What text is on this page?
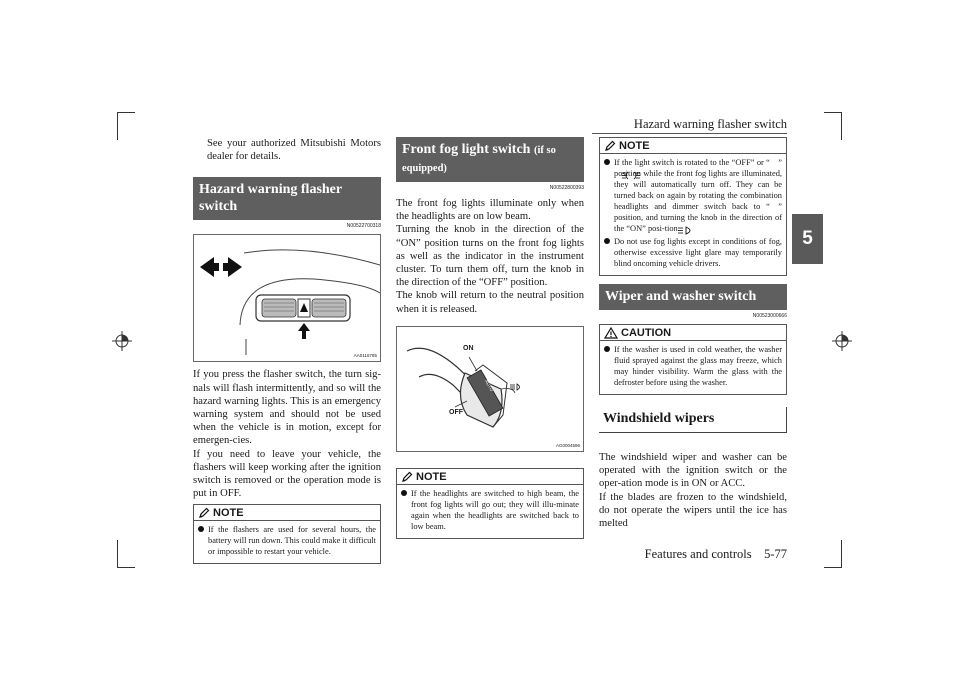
Hazard warning flasher switch
5
Features and controls    5-77

See your authorized Mitsubishi Motors dealer for details.

Hazard warning flasher switch

N00522700318

AA0116785

If you press the flasher switch, the turn sig-nals will flash intermittently, and so will the hazard warning lights. This is an emergency warning system and should not be used when the vehicle is in motion, except for emergen-cies.

If you need to leave your vehicle, the flashers will keep working after the ignition switch is removed or the operation mode is put in OFF.

NOTE

If the flashers are used for several hours, the battery will run down. This could make it difficult or impossible to restart your vehicle.

Front fog light switch (if so equipped)

N00522800393

The front fog lights illuminate only when the headlights are on low beam.

Turning the knob in the direction of the “ON” position turns on the front fog lights as well as the indicator in the instrument cluster. To turn them off, turn the knob in the direction of the “OFF” position.

The knob will return to the neutral position when it is released.

ON
OFF
AUTO
AG0004596
NOTE

If the headlights are switched to high beam, the front fog lights will go out; they will illu-minate again when the headlights are switched back to low beam.

NOTE

If the light switch is rotated to the “OFF” or “     ” position while the front fog lights are illuminated, they will automatically turn off. They can be turned back on again by rotating the combination headlights and dimmer switch back to “     ” position, and turning the knob in the direction of the “ON” posi-tion.

Do not use fog lights except in conditions of fog, otherwise excessive light glare may temporarily blind oncoming vehicle drivers.

Wiper and washer switch

N00523000666

CAUTION

If the washer is used in cold weather, the washer fluid sprayed against the glass may freeze, which may hinder visibility. Warm the glass with the defroster before using the washer.

Windshield wipers

The windshield wiper and washer can be operated with the ignition switch or the oper-ation mode is in ON or ACC.

If the blades are frozen to the windshield, do not operate the wipers until the ice has melted
